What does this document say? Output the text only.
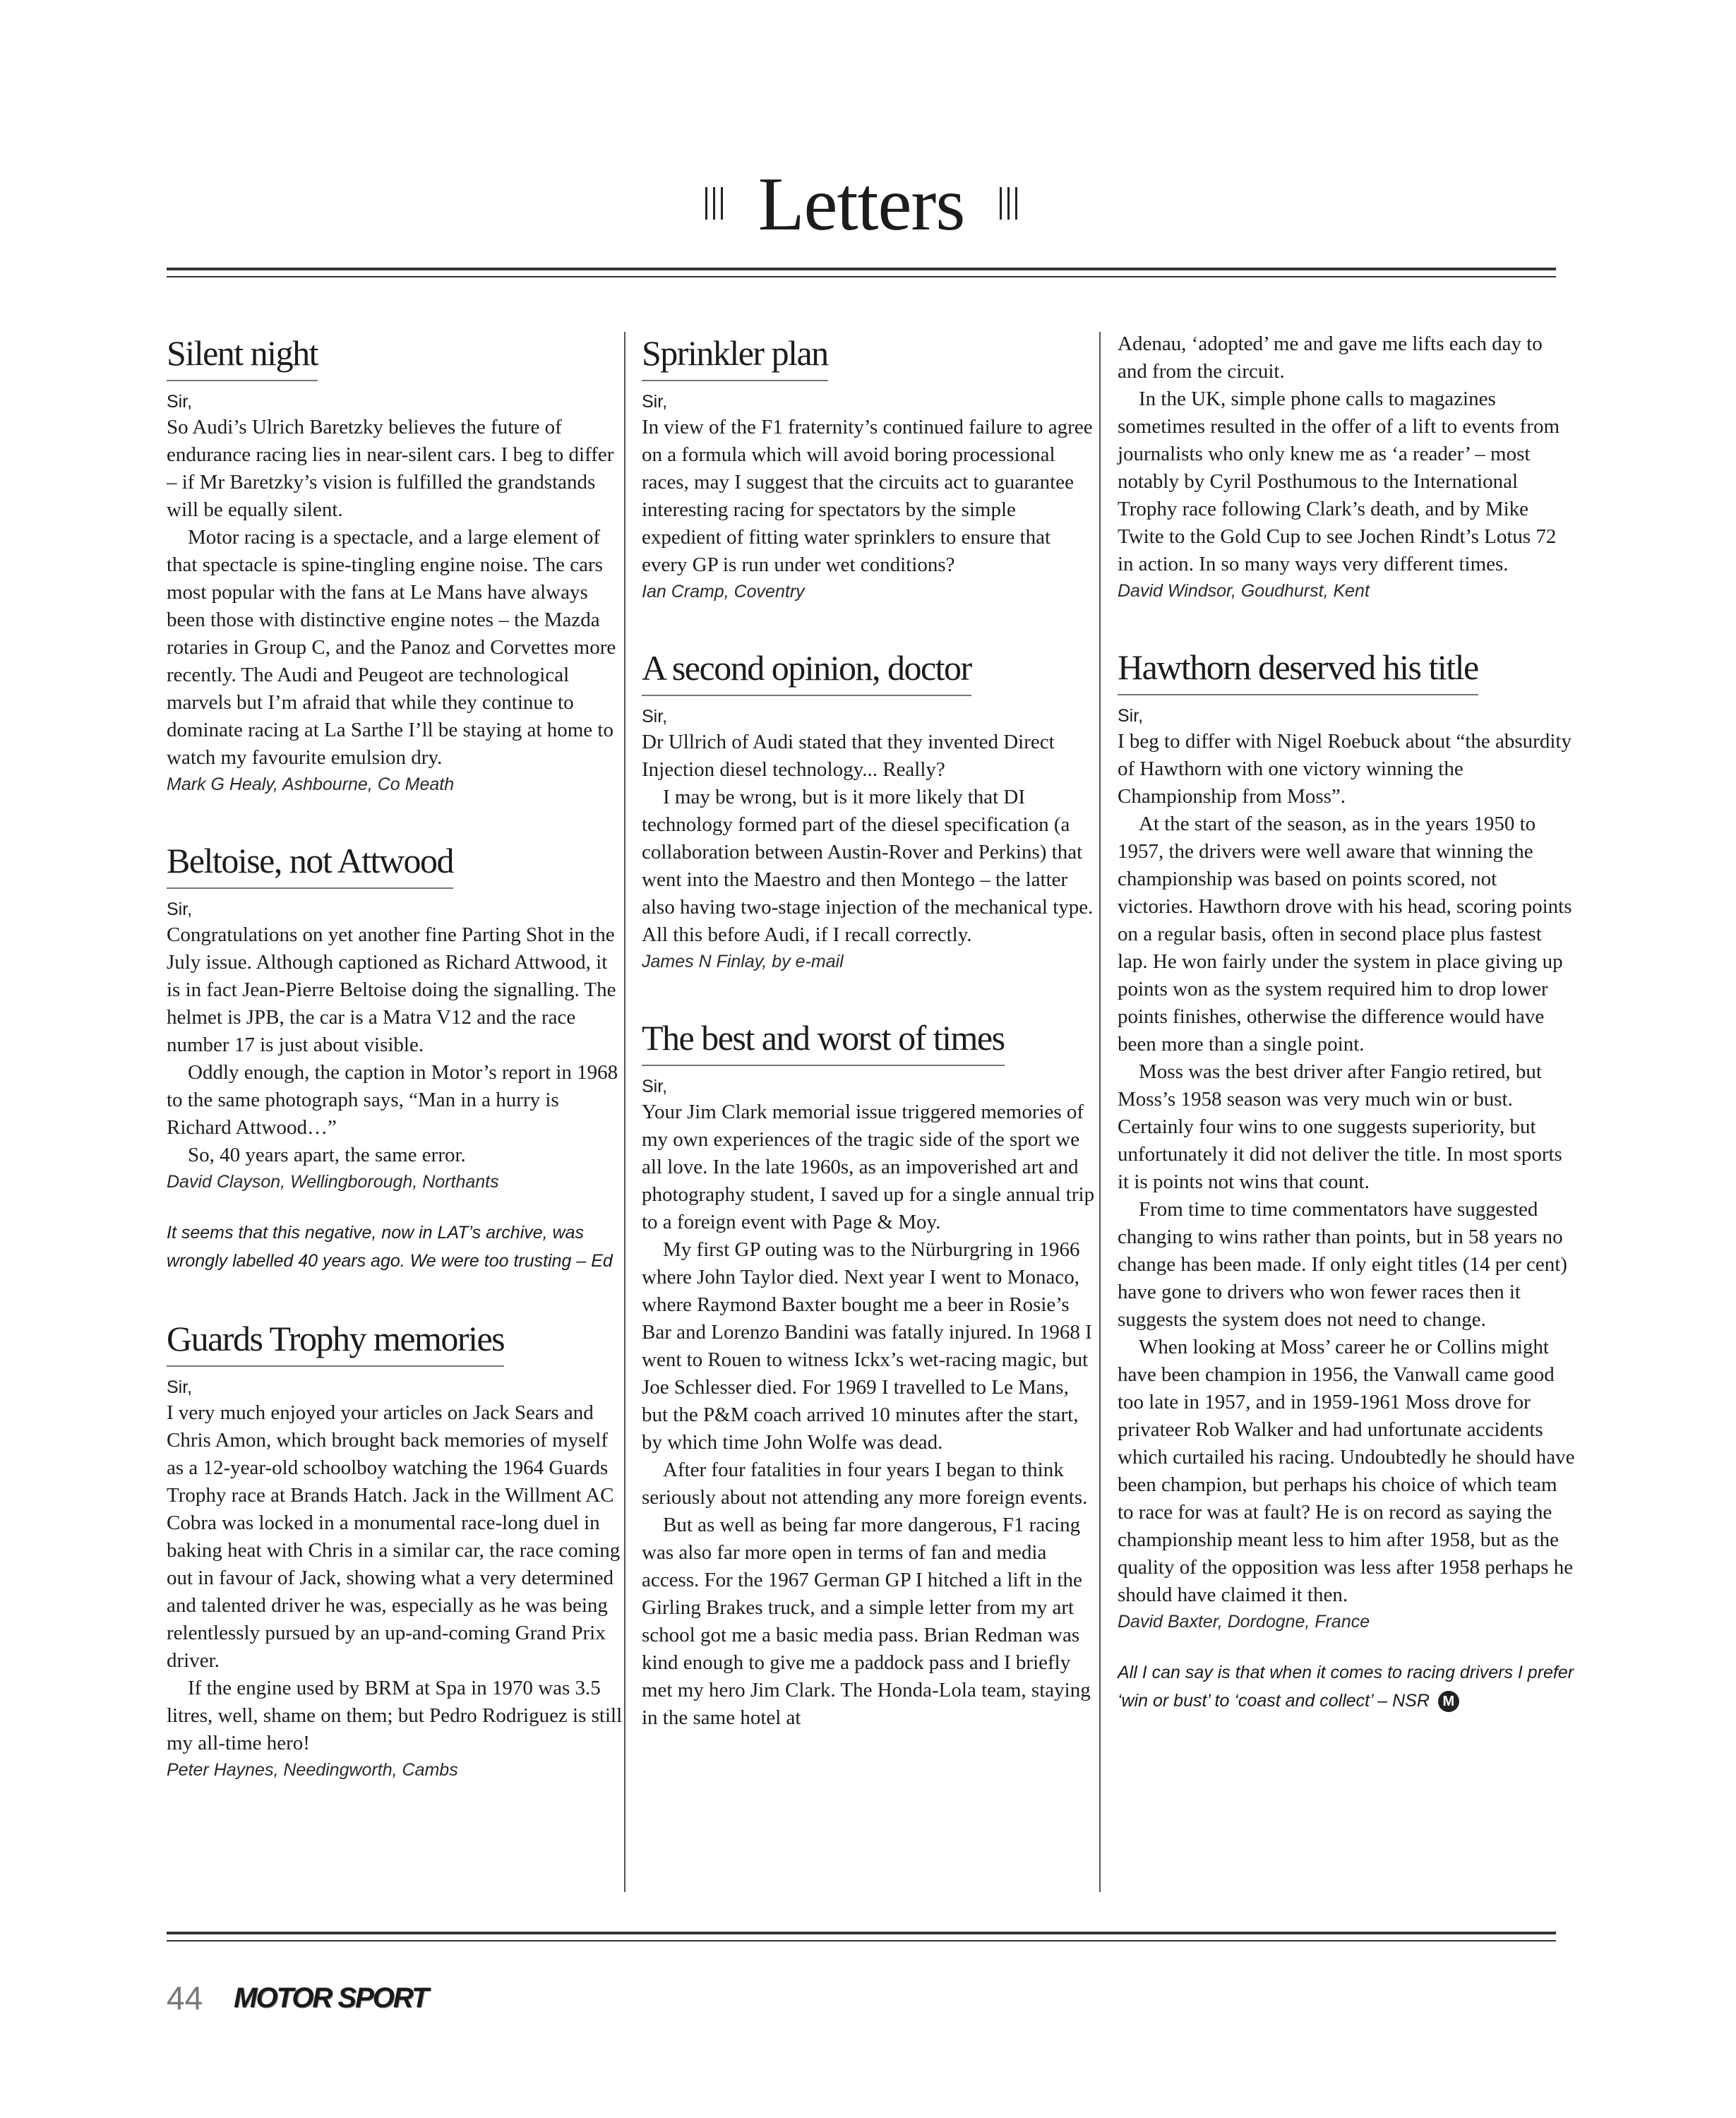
Letters
Silent night

Sir,

So Audi’s Ulrich Baretzky believes the future of endurance racing lies in near-silent cars. I beg to differ – if Mr Baretzky’s vision is fulfilled the grandstands will be equally silent.

Motor racing is a spectacle, and a large element of that spectacle is spine-tingling engine noise. The cars most popular with the fans at Le Mans have always been those with distinctive engine notes – the Mazda rotaries in Group C, and the Panoz and Corvettes more recently. The Audi and Peugeot are technological marvels but I’m afraid that while they continue to dominate racing at La Sarthe I’ll be staying at home to watch my favourite emulsion dry.

Mark G Healy, Ashbourne, Co Meath

Beltoise, not Attwood

Sir,

Congratulations on yet another fine Parting Shot in the July issue. Although captioned as Richard Attwood, it is in fact Jean-Pierre Beltoise doing the signalling. The helmet is JPB, the car is a Matra V12 and the race number 17 is just about visible.

Oddly enough, the caption in Motor’s report in 1968 to the same photograph says, “Man in a hurry is Richard Attwood…”

So, 40 years apart, the same error.

David Clayson, Wellingborough, Northants

It seems that this negative, now in LAT’s archive, was wrongly labelled 40 years ago. We were too trusting – Ed

Guards Trophy memories

Sir,

I very much enjoyed your articles on Jack Sears and Chris Amon, which brought back memories of myself as a 12-year-old schoolboy watching the 1964 Guards Trophy race at Brands Hatch. Jack in the Willment AC Cobra was locked in a monumental race-long duel in baking heat with Chris in a similar car, the race coming out in favour of Jack, showing what a very determined and talented driver he was, especially as he was being relentlessly pursued by an up-and-coming Grand Prix driver.

If the engine used by BRM at Spa in 1970 was 3.5 litres, well, shame on them; but Pedro Rodriguez is still my all-time hero!

Peter Haynes, Needingworth, Cambs

Sprinkler plan

Sir,

In view of the F1 fraternity’s continued failure to agree on a formula which will avoid boring processional races, may I suggest that the circuits act to guarantee interesting racing for spectators by the simple expedient of fitting water sprinklers to ensure that every GP is run under wet conditions?

Ian Cramp, Coventry

A second opinion, doctor

Sir,

Dr Ullrich of Audi stated that they invented Direct Injection diesel technology... Really?

I may be wrong, but is it more likely that DI technology formed part of the diesel specification (a collaboration between Austin-Rover and Perkins) that went into the Maestro and then Montego – the latter also having two-stage injection of the mechanical type. All this before Audi, if I recall correctly.

James N Finlay, by e-mail

The best and worst of times

Sir,

Your Jim Clark memorial issue triggered memories of my own experiences of the tragic side of the sport we all love. In the late 1960s, as an impoverished art and photography student, I saved up for a single annual trip to a foreign event with Page & Moy.

My first GP outing was to the Nürburgring in 1966 where John Taylor died. Next year I went to Monaco, where Raymond Baxter bought me a beer in Rosie’s Bar and Lorenzo Bandini was fatally injured. In 1968 I went to Rouen to witness Ickx’s wet-racing magic, but Joe Schlesser died. For 1969 I travelled to Le Mans, but the P&M coach arrived 10 minutes after the start, by which time John Wolfe was dead.

After four fatalities in four years I began to think seriously about not attending any more foreign events.

But as well as being far more dangerous, F1 racing was also far more open in terms of fan and media access. For the 1967 German GP I hitched a lift in the Girling Brakes truck, and a simple letter from my art school got me a basic media pass. Brian Redman was kind enough to give me a paddock pass and I briefly met my hero Jim Clark. The Honda-Lola team, staying in the same hotel at

Adenau, ‘adopted’ me and gave me lifts each day to and from the circuit.

In the UK, simple phone calls to magazines sometimes resulted in the offer of a lift to events from journalists who only knew me as ‘a reader’ – most notably by Cyril Posthumous to the International Trophy race following Clark’s death, and by Mike Twite to the Gold Cup to see Jochen Rindt’s Lotus 72 in action. In so many ways very different times.

David Windsor, Goudhurst, Kent

Hawthorn deserved his title

Sir,

I beg to differ with Nigel Roebuck about “the absurdity of Hawthorn with one victory winning the Championship from Moss”.

At the start of the season, as in the years 1950 to 1957, the drivers were well aware that winning the championship was based on points scored, not victories. Hawthorn drove with his head, scoring points on a regular basis, often in second place plus fastest lap. He won fairly under the system in place giving up points won as the system required him to drop lower points finishes, otherwise the difference would have been more than a single point.

Moss was the best driver after Fangio retired, but Moss’s 1958 season was very much win or bust. Certainly four wins to one suggests superiority, but unfortunately it did not deliver the title. In most sports it is points not wins that count.

From time to time commentators have suggested changing to wins rather than points, but in 58 years no change has been made. If only eight titles (14 per cent) have gone to drivers who won fewer races then it suggests the system does not need to change.

When looking at Moss’ career he or Collins might have been champion in 1956, the Vanwall came good too late in 1957, and in 1959-1961 Moss drove for privateer Rob Walker and had unfortunate accidents which curtailed his racing. Undoubtedly he should have been champion, but perhaps his choice of which team to race for was at fault? He is on record as saying the championship meant less to him after 1958, but as the quality of the opposition was less after 1958 perhaps he should have claimed it then.

David Baxter, Dordogne, France

All I can say is that when it comes to racing drivers I prefer ‘win or bust’ to ‘coast and collect’ – NSR M

44 MOTOR SPORT
